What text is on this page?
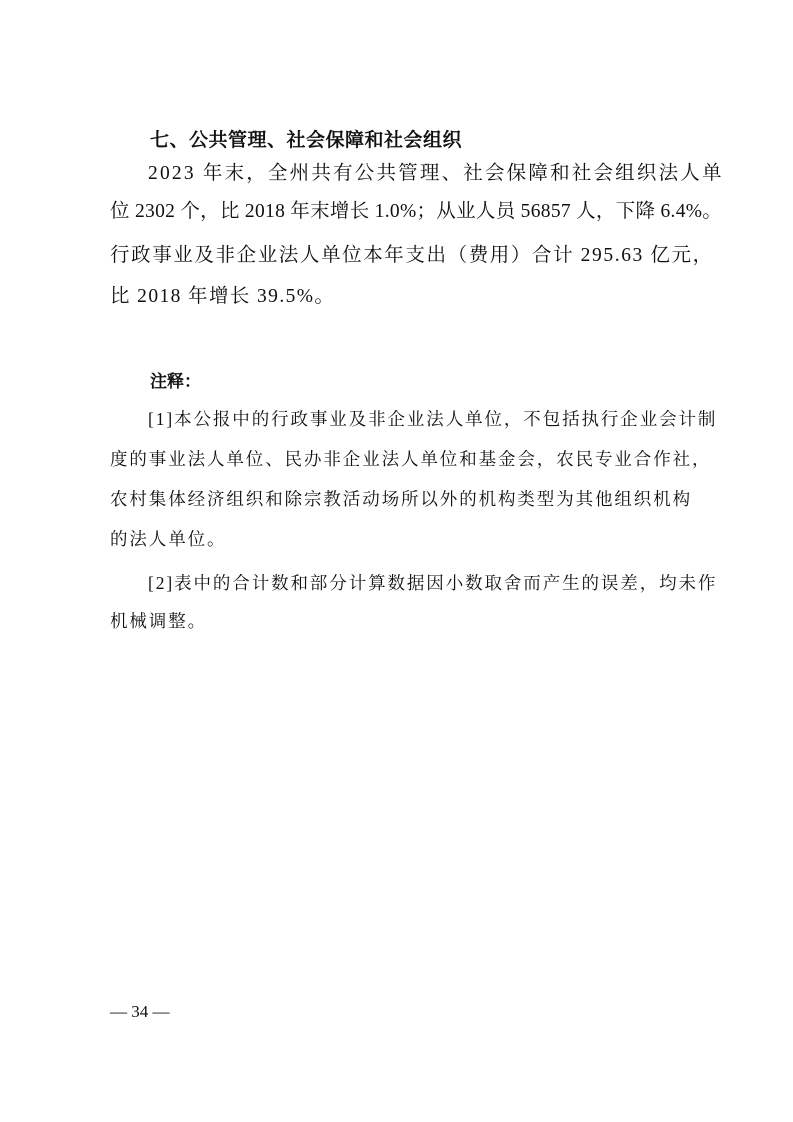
七、公共管理、社会保障和社会组织
2023 年末，全州共有公共管理、社会保障和社会组织法人单
位 2302 个，比 2018 年末增长 1.0%；从业人员 56857 人，下降 6.4%。
行政事业及非企业法人单位本年支出（费用）合计 295.63 亿元，
比 2018 年增长 39.5%。
注释：
[1]本公报中的行政事业及非企业法人单位，不包括执行企业会计制
度的事业法人单位、民办非企业法人单位和基金会，农民专业合作社，
农村集体经济组织和除宗教活动场所以外的机构类型为其他组织机构
的法人单位。
[2]表中的合计数和部分计算数据因小数取舍而产生的误差，均未作
机械调整。
— 34 —
